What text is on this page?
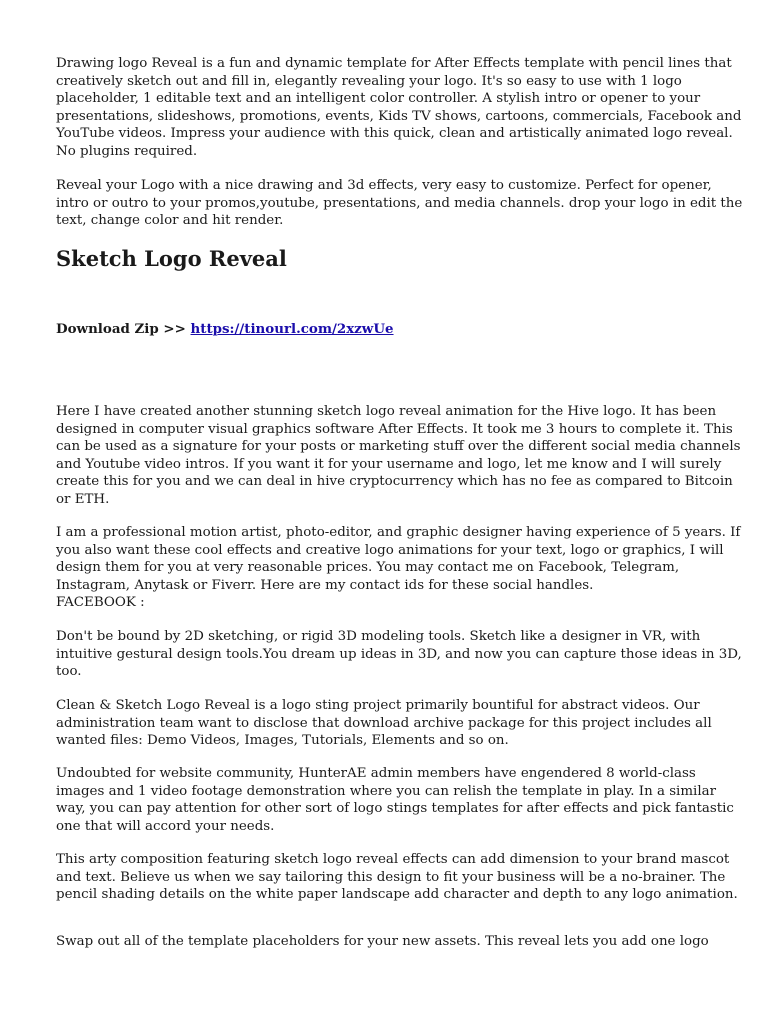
Drawing logo Reveal is a fun and dynamic template for After Effects template with pencil lines that
creatively sketch out and fill in, elegantly revealing your logo. It's so easy to use with 1 logo
placeholder, 1 editable text and an intelligent color controller. A stylish intro or opener to your
presentations, slideshows, promotions, events, Kids TV shows, cartoons, commercials, Facebook and
YouTube videos. Impress your audience with this quick, clean and artistically animated logo reveal.
No plugins required.

Reveal your Logo with a nice drawing and 3d effects, very easy to customize. Perfect for opener,
intro or outro to your promos,youtube, presentations, and media channels. drop your logo in edit the
text, change color and hit render.

Sketch Logo Reveal

Download Zip >> https://tinourl.com/2xzwUe

Here I have created another stunning sketch logo reveal animation for the Hive logo. It has been
designed in computer visual graphics software After Effects. It took me 3 hours to complete it. This
can be used as a signature for your posts or marketing stuff over the different social media channels
and Youtube video intros. If you want it for your username and logo, let me know and I will surely
create this for you and we can deal in hive cryptocurrency which has no fee as compared to Bitcoin
or ETH.

I am a professional motion artist, photo-editor, and graphic designer having experience of 5 years. If
you also want these cool effects and creative logo animations for your text, logo or graphics, I will
design them for you at very reasonable prices. You may contact me on Facebook, Telegram,
Instagram, Anytask or Fiverr. Here are my contact ids for these social handles.
FACEBOOK :

Don't be bound by 2D sketching, or rigid 3D modeling tools. Sketch like a designer in VR, with
intuitive gestural design tools.You dream up ideas in 3D, and now you can capture those ideas in 3D,
too.

Clean & Sketch Logo Reveal is a logo sting project primarily bountiful for abstract videos. Our
administration team want to disclose that download archive package for this project includes all
wanted files: Demo Videos, Images, Tutorials, Elements and so on.

Undoubted for website community, HunterAE admin members have engendered 8 world-class
images and 1 video footage demonstration where you can relish the template in play. In a similar
way, you can pay attention for other sort of logo stings templates for after effects and pick fantastic
one that will accord your needs.

This arty composition featuring sketch logo reveal effects can add dimension to your brand mascot
and text. Believe us when we say tailoring this design to fit your business will be a no-brainer. The
pencil shading details on the white paper landscape add character and depth to any logo animation.

Swap out all of the template placeholders for your new assets. This reveal lets you add one logo
